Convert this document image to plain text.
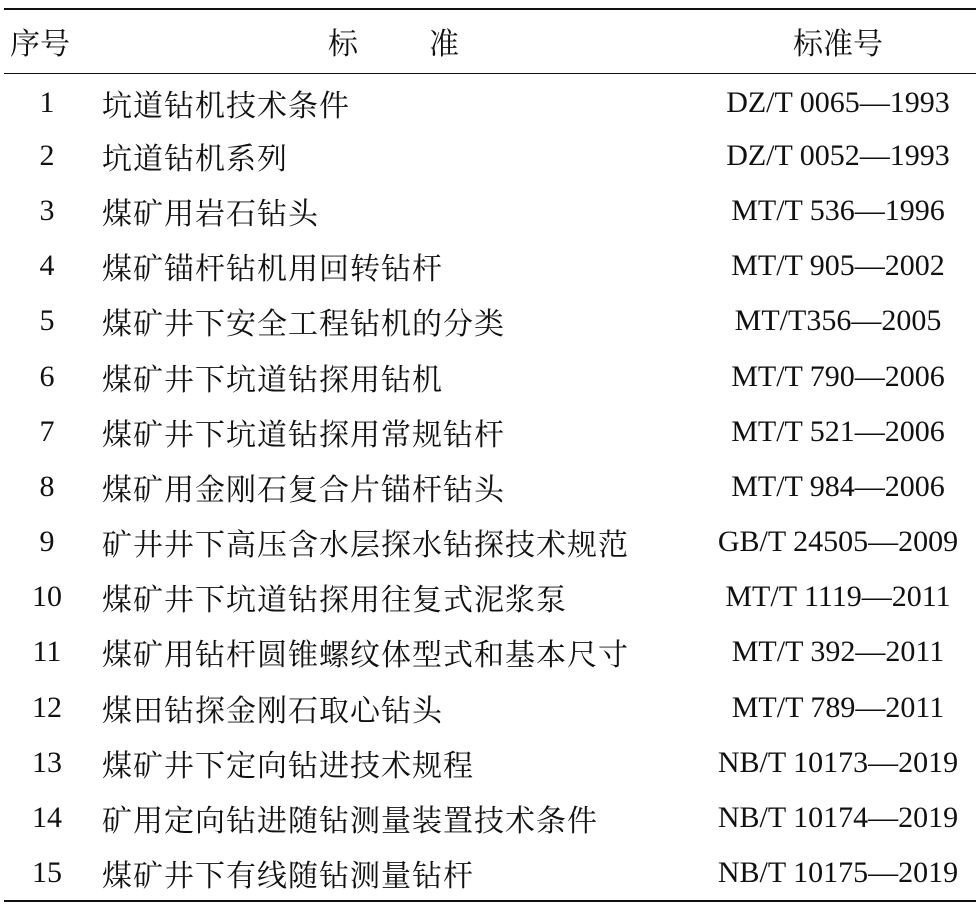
序号	标 准	标准号
1	坑道钻机技术条件	DZ/T 0065—1993
2	坑道钻机系列	DZ/T 0052—1993
3	煤矿用岩石钻头	MT/T 536—1996
4	煤矿锚杆钻机用回转钻杆	MT/T 905—2002
5	煤矿井下安全工程钻机的分类	MT/T356—2005
6	煤矿井下坑道钻探用钻机	MT/T 790—2006
7	煤矿井下坑道钻探用常规钻杆	MT/T 521—2006
8	煤矿用金刚石复合片锚杆钻头	MT/T 984—2006
9	矿井井下高压含水层探水钻探技术规范	GB/T 24505—2009
10	煤矿井下坑道钻探用往复式泥浆泵	MT/T 1119—2011
11	煤矿用钻杆圆锥螺纹体型式和基本尺寸	MT/T 392—2011
12	煤田钻探金刚石取心钻头	MT/T 789—2011
13	煤矿井下定向钻进技术规程	NB/T 10173—2019
14	矿用定向钻进随钻测量装置技术条件	NB/T 10174—2019
15	煤矿井下有线随钻测量钻杆	NB/T 10175—2019
